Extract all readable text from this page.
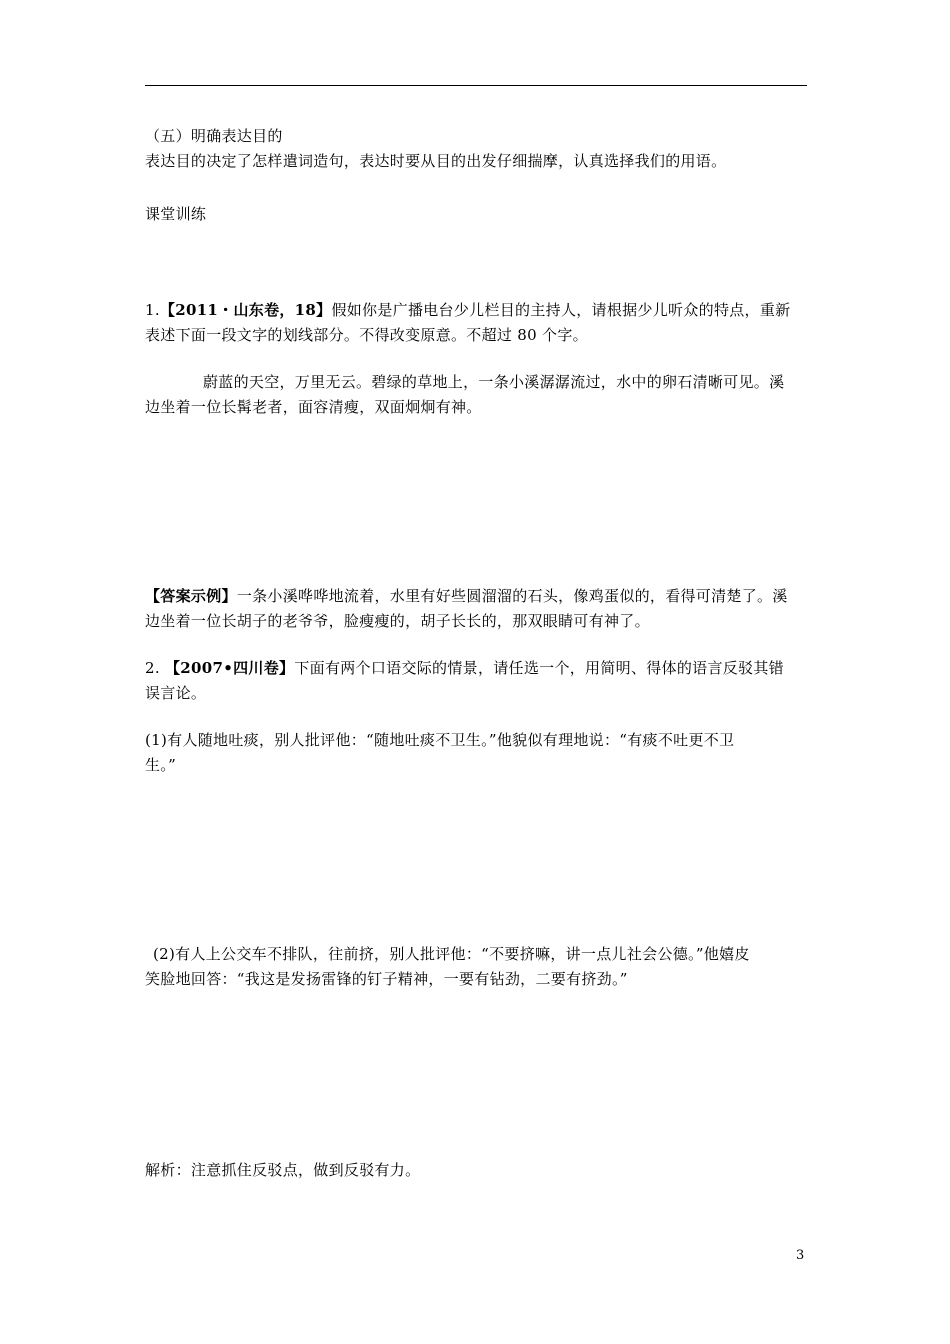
（五）明确表达目的
表达目的决定了怎样遣词造句，表达时要从目的出发仔细揣摩，认真选择我们的用语。
课堂训练
1.【2011・山东卷，18】假如你是广播电台少儿栏目的主持人，请根据少儿听众的特点，重新
表述下面一段文字的划线部分。不得改变原意。不超过 80 个字。
蔚蓝的天空，万里无云。碧绿的草地上，一条小溪潺潺流过，水中的卵石清晰可见。溪
边坐着一位长髯老者，面容清瘦，双面炯炯有神。
【答案示例】一条小溪哗哗地流着，水里有好些圆溜溜的石头，像鸡蛋似的，看得可清楚了。溪
边坐着一位长胡子的老爷爷，脸瘦瘦的，胡子长长的，那双眼睛可有神了。
2. 【2007•四川卷】下面有两个口语交际的情景，请任选一个，用简明、得体的语言反驳其错
误言论。
(1)有人随地吐痰，别人批评他：“随地吐痰不卫生。”他貌似有理地说：“有痰不吐更不卫
生。”
(2)有人上公交车不排队，往前挤，别人批评他：“不要挤嘛，讲一点儿社会公德。”他嬉皮
笑脸地回答：“我这是发扬雷锋的钉子精神，一要有钻劲，二要有挤劲。”
解析：注意抓住反驳点，做到反驳有力。
3
